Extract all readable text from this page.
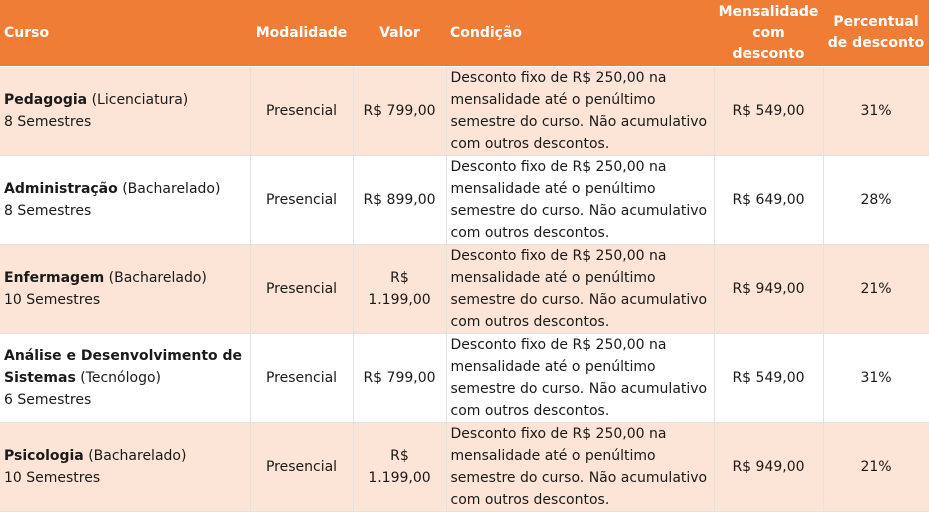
Curso	Modalidade	Valor	Condição	Mensalidade com desconto	Percentual de desconto
Pedagogia (Licenciatura)
8 Semestres	Presencial	R$ 799,00	Desconto fixo de R$ 250,00 na mensalidade até o penúltimo semestre do curso. Não acumulativo com outros descontos.	R$ 549,00	31%
Administração (Bacharelado)
8 Semestres	Presencial	R$ 899,00	Desconto fixo de R$ 250,00 na mensalidade até o penúltimo semestre do curso. Não acumulativo com outros descontos.	R$ 649,00	28%
Enfermagem (Bacharelado)
10 Semestres	Presencial	R$ 1.199,00	Desconto fixo de R$ 250,00 na mensalidade até o penúltimo semestre do curso. Não acumulativo com outros descontos.	R$ 949,00	21%
Análise e Desenvolvimento de Sistemas (Tecnólogo)
6 Semestres	Presencial	R$ 799,00	Desconto fixo de R$ 250,00 na mensalidade até o penúltimo semestre do curso. Não acumulativo com outros descontos.	R$ 549,00	31%
Psicologia (Bacharelado)
10 Semestres	Presencial	R$ 1.199,00	Desconto fixo de R$ 250,00 na mensalidade até o penúltimo semestre do curso. Não acumulativo com outros descontos.	R$ 949,00	21%
